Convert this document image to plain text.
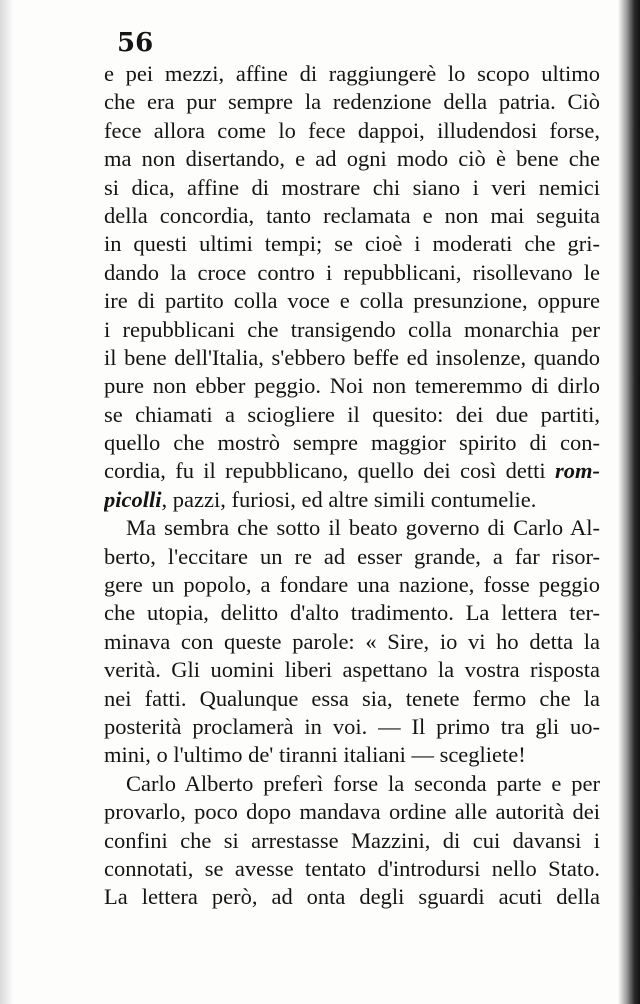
56
e pei mezzi, affine di raggiungerè lo scopo ultimo
che era pur sempre la redenzione della patria. Ciò
fece allora come lo fece dappoi, illudendosi forse,
ma non disertando, e ad ogni modo ciò è bene che
si dica, affine di mostrare chi siano i veri nemici
della concordia, tanto reclamata e non mai seguita
in questi ultimi tempi; se cioè i moderati che gri-
dando la croce contro i repubblicani, risollevano le
ire di partito colla voce e colla presunzione, oppure
i repubblicani che transigendo colla monarchia per
il bene dell'Italia, s'ebbero beffe ed insolenze, quando
pure non ebber peggio. Noi non temeremmo di dirlo
se chiamati a sciogliere il quesito: dei due partiti,
quello che mostrò sempre maggior spirito di con-
cordia, fu il repubblicano, quello dei così detti rom-
picolli, pazzi, furiosi, ed altre simili contumelie.
Ma sembra che sotto il beato governo di Carlo Al-
berto, l'eccitare un re ad esser grande, a far risor-
gere un popolo, a fondare una nazione, fosse peggio
che utopia, delitto d'alto tradimento. La lettera ter-
minava con queste parole: « Sire, io vi ho detta la
verità. Gli uomini liberi aspettano la vostra risposta
nei fatti. Qualunque essa sia, tenete fermo che la
posterità proclamerà in voi. — Il primo tra gli uo-
mini, o l'ultimo de' tiranni italiani — scegliete!
Carlo Alberto preferì forse la seconda parte e per
provarlo, poco dopo mandava ordine alle autorità dei
confini che si arrestasse Mazzini, di cui davansi i
connotati, se avesse tentato d'introdursi nello Stato.
La lettera però, ad onta degli sguardi acuti della
